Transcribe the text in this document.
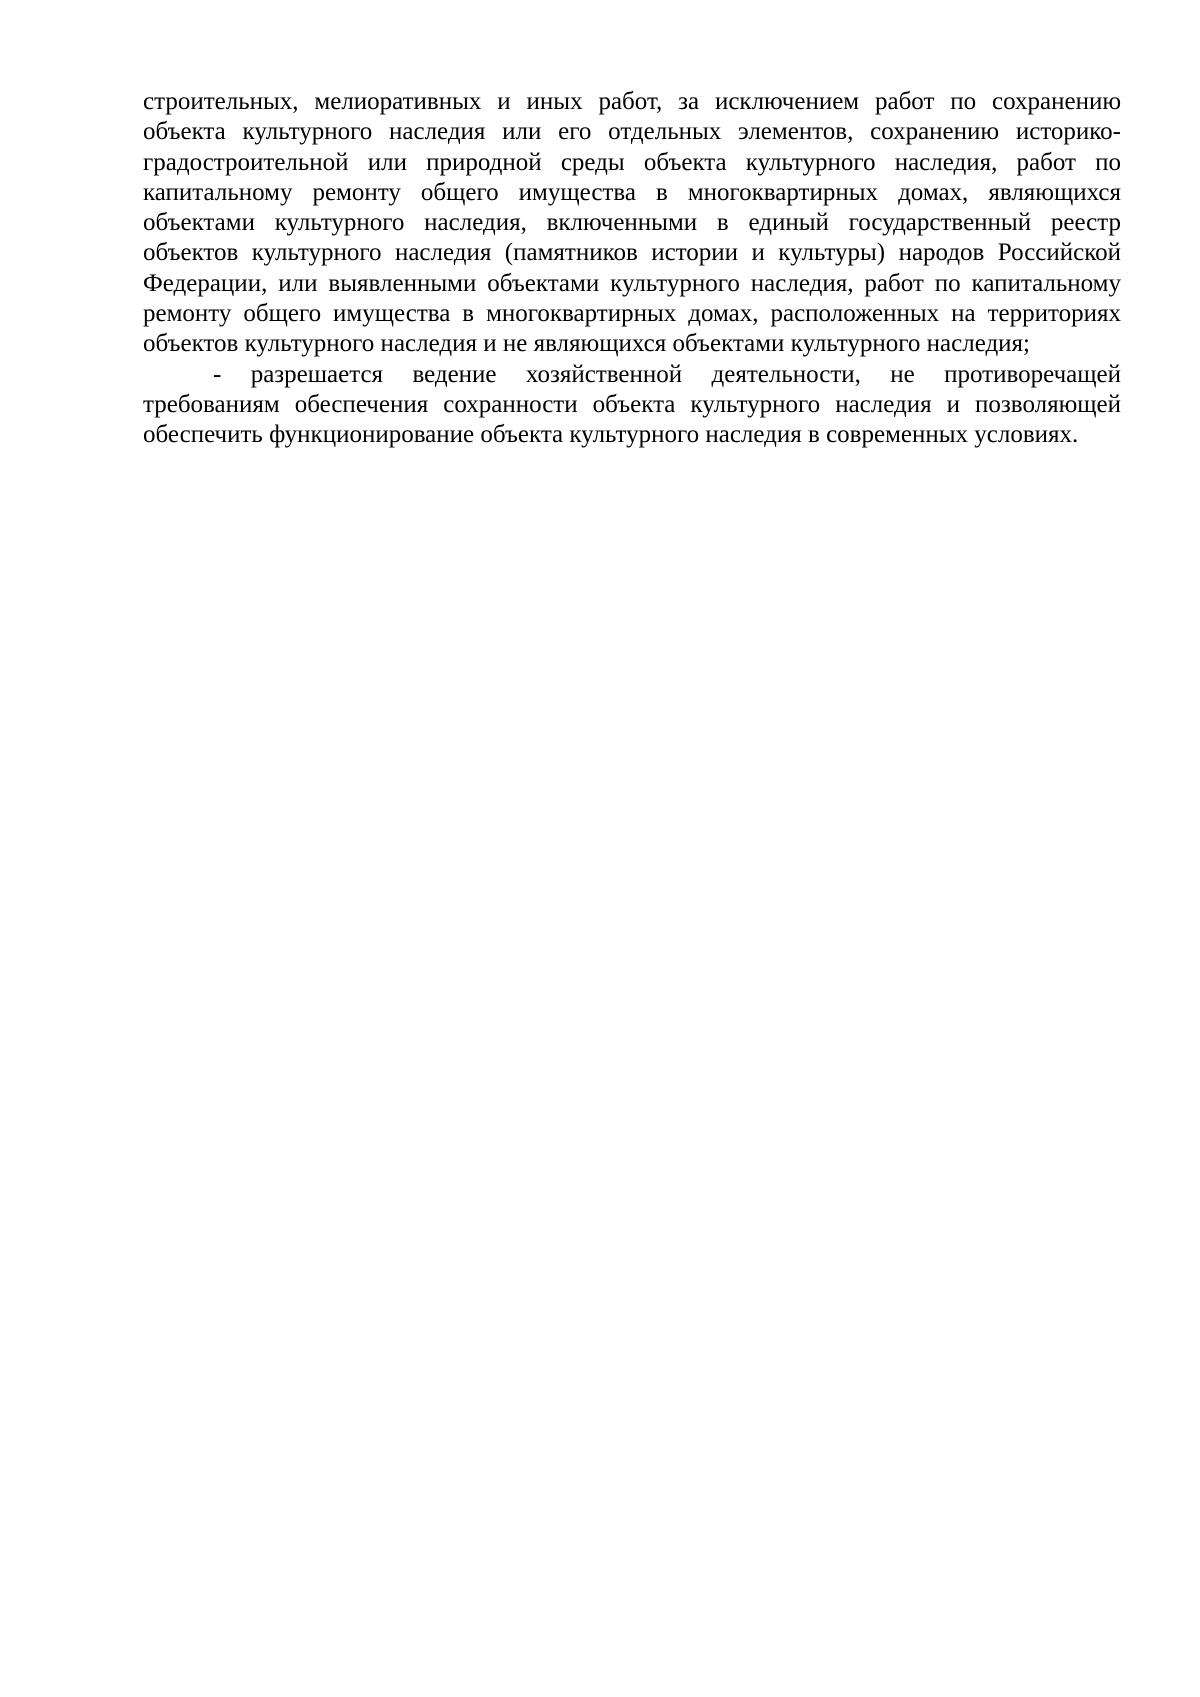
строительных, мелиоративных и иных работ, за исключением работ по сохранению объекта культурного наследия или его отдельных элементов, сохранению историко-градостроительной или природной среды объекта культурного наследия, работ по капитальному ремонту общего имущества в многоквартирных домах, являющихся объектами культурного наследия, включенными в единый государственный реестр объектов культурного наследия (памятников истории и культуры) народов Российской Федерации, или выявленными объектами культурного наследия, работ по капитальному ремонту общего имущества в многоквартирных домах, расположенных на территориях объектов культурного наследия и не являющихся объектами культурного наследия;

- разрешается ведение хозяйственной деятельности, не противоречащей требованиям обеспечения сохранности объекта культурного наследия и позволяющей обеспечить функционирование объекта культурного наследия в современных условиях.
